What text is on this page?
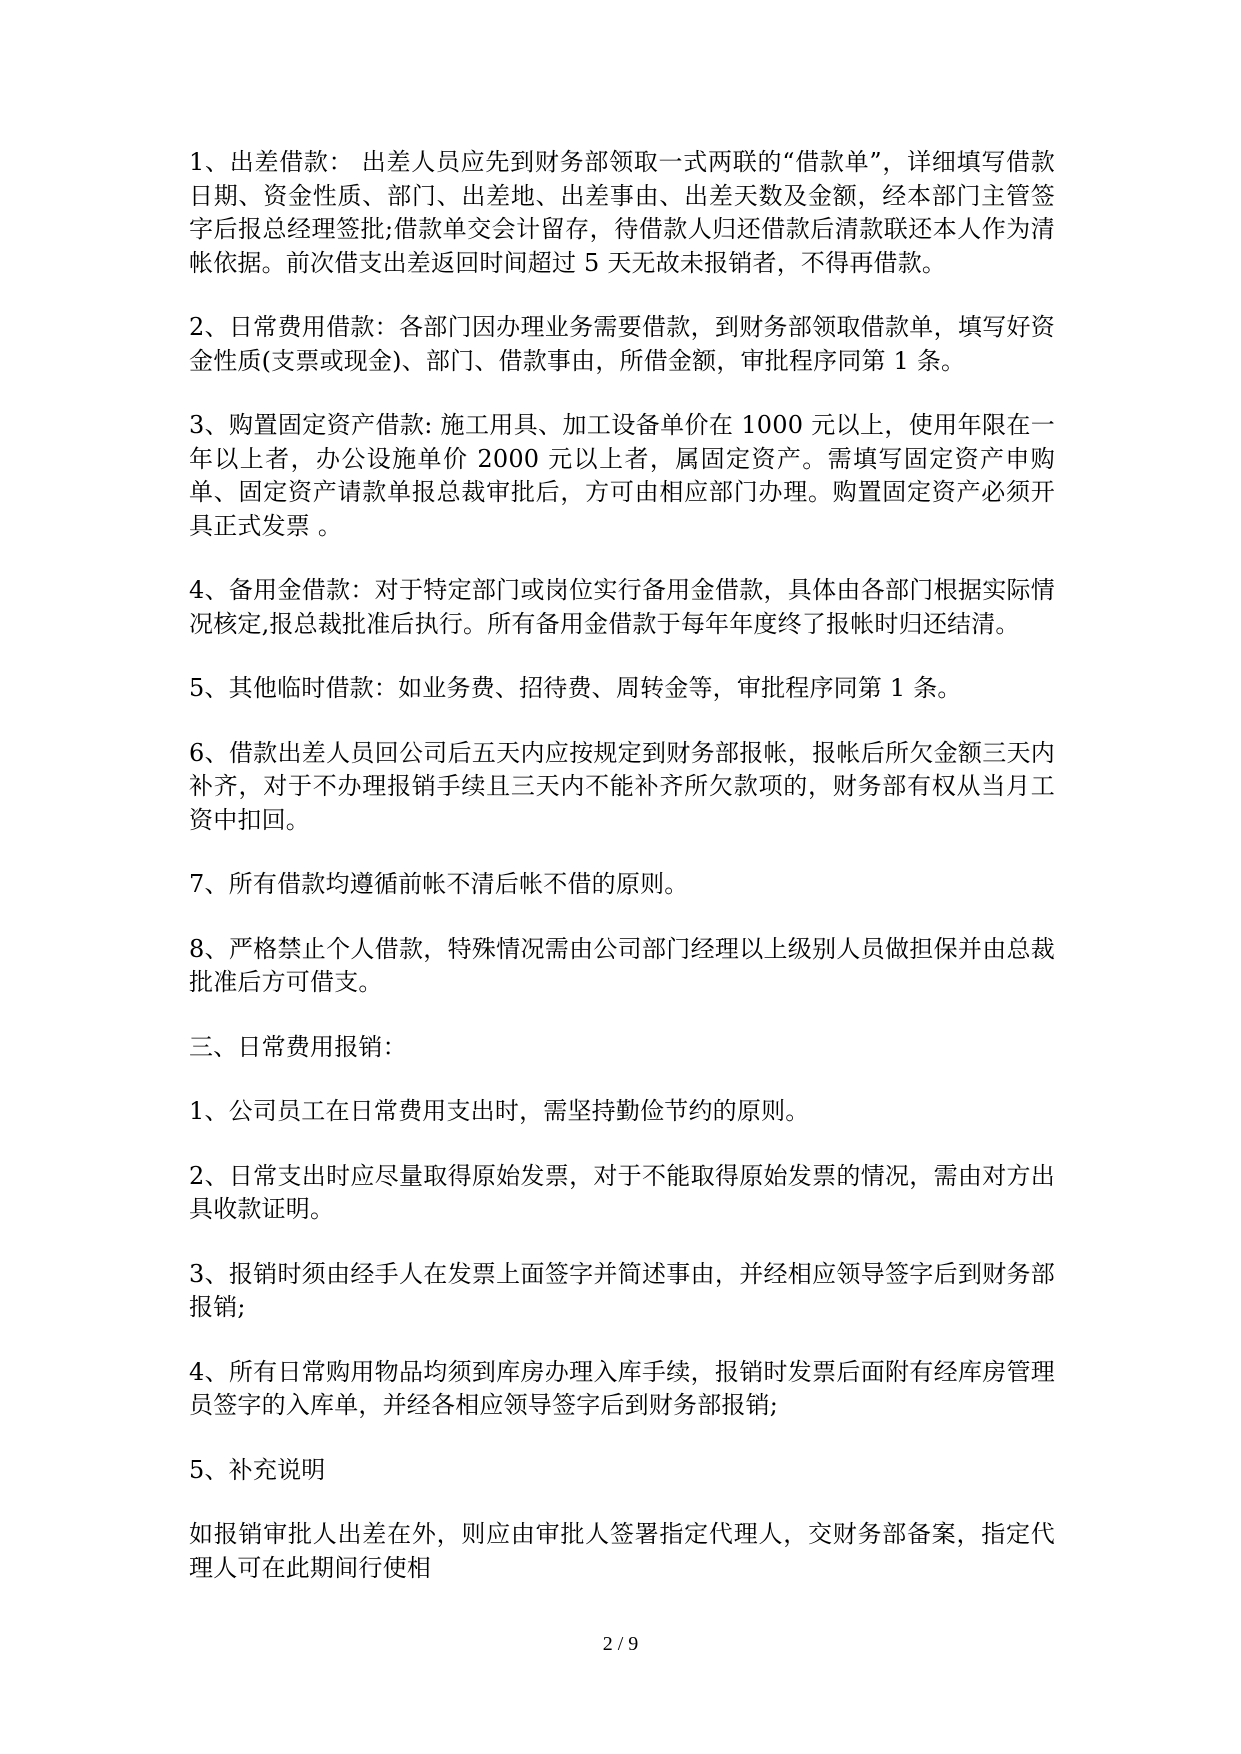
1、出差借款： 出差人员应先到财务部领取一式两联的“借款单”，详细填写借款日期、资金性质、部门、出差地、出差事由、出差天数及金额，经本部门主管签字后报总经理签批;借款单交会计留存，待借款人归还借款后清款联还本人作为清帐依据。前次借支出差返回时间超过 5 天无故未报销者，不得再借款。

2、日常费用借款：各部门因办理业务需要借款，到财务部领取借款单，填写好资金性质(支票或现金)、部门、借款事由，所借金额，审批程序同第 1 条。

3、购置固定资产借款: 施工用具、加工设备单价在 1000 元以上，使用年限在一年以上者，办公设施单价 2000 元以上者，属固定资产。需填写固定资产申购单、固定资产请款单报总裁审批后，方可由相应部门办理。购置固定资产必须开具正式发票 。

4、备用金借款：对于特定部门或岗位实行备用金借款，具体由各部门根据实际情况核定,报总裁批准后执行。所有备用金借款于每年年度终了报帐时归还结清。

5、其他临时借款：如业务费、招待费、周转金等，审批程序同第 1 条。

6、借款出差人员回公司后五天内应按规定到财务部报帐，报帐后所欠金额三天内补齐，对于不办理报销手续且三天内不能补齐所欠款项的，财务部有权从当月工资中扣回。

7、所有借款均遵循前帐不清后帐不借的原则。

8、严格禁止个人借款，特殊情况需由公司部门经理以上级别人员做担保并由总裁批准后方可借支。

三、日常费用报销：

1、公司员工在日常费用支出时，需坚持勤俭节约的原则。

2、日常支出时应尽量取得原始发票，对于不能取得原始发票的情况，需由对方出具收款证明。

3、报销时须由经手人在发票上面签字并简述事由，并经相应领导签字后到财务部报销;

4、所有日常购用物品均须到库房办理入库手续，报销时发票后面附有经库房管理员签字的入库单，并经各相应领导签字后到财务部报销;

5、补充说明

如报销审批人出差在外，则应由审批人签署指定代理人，交财务部备案，指定代理人可在此期间行使相

2 / 9
